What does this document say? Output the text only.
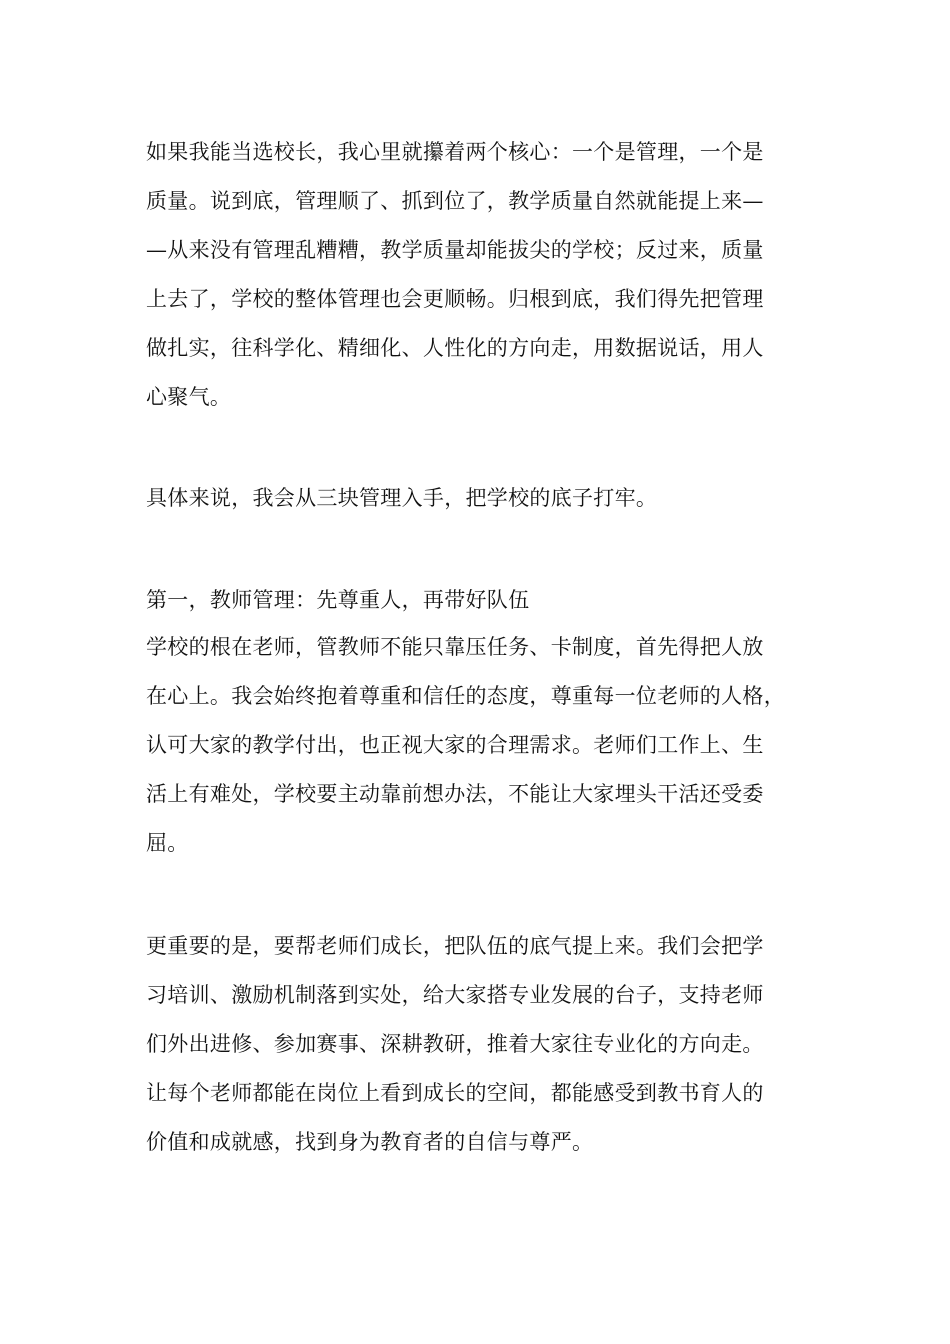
如果我能当选校长，我心里就攥着两个核心：一个是管理，一个是
质量。说到底，管理顺了、抓到位了，教学质量自然就能提上来—
—从来没有管理乱糟糟，教学质量却能拔尖的学校；反过来，质量
上去了，学校的整体管理也会更顺畅。归根到底，我们得先把管理
做扎实，往科学化、精细化、人性化的方向走，用数据说话，用人
心聚气。
具体来说，我会从三块管理入手，把学校的底子打牢。
第一，教师管理：先尊重人，再带好队伍
学校的根在老师，管教师不能只靠压任务、卡制度，首先得把人放
在心上。我会始终抱着尊重和信任的态度，尊重每一位老师的人格，
认可大家的教学付出，也正视大家的合理需求。老师们工作上、生
活上有难处，学校要主动靠前想办法，不能让大家埋头干活还受委
屈。
更重要的是，要帮老师们成长，把队伍的底气提上来。我们会把学
习培训、激励机制落到实处，给大家搭专业发展的台子，支持老师
们外出进修、参加赛事、深耕教研，推着大家往专业化的方向走。
让每个老师都能在岗位上看到成长的空间，都能感受到教书育人的
价值和成就感，找到身为教育者的自信与尊严。
